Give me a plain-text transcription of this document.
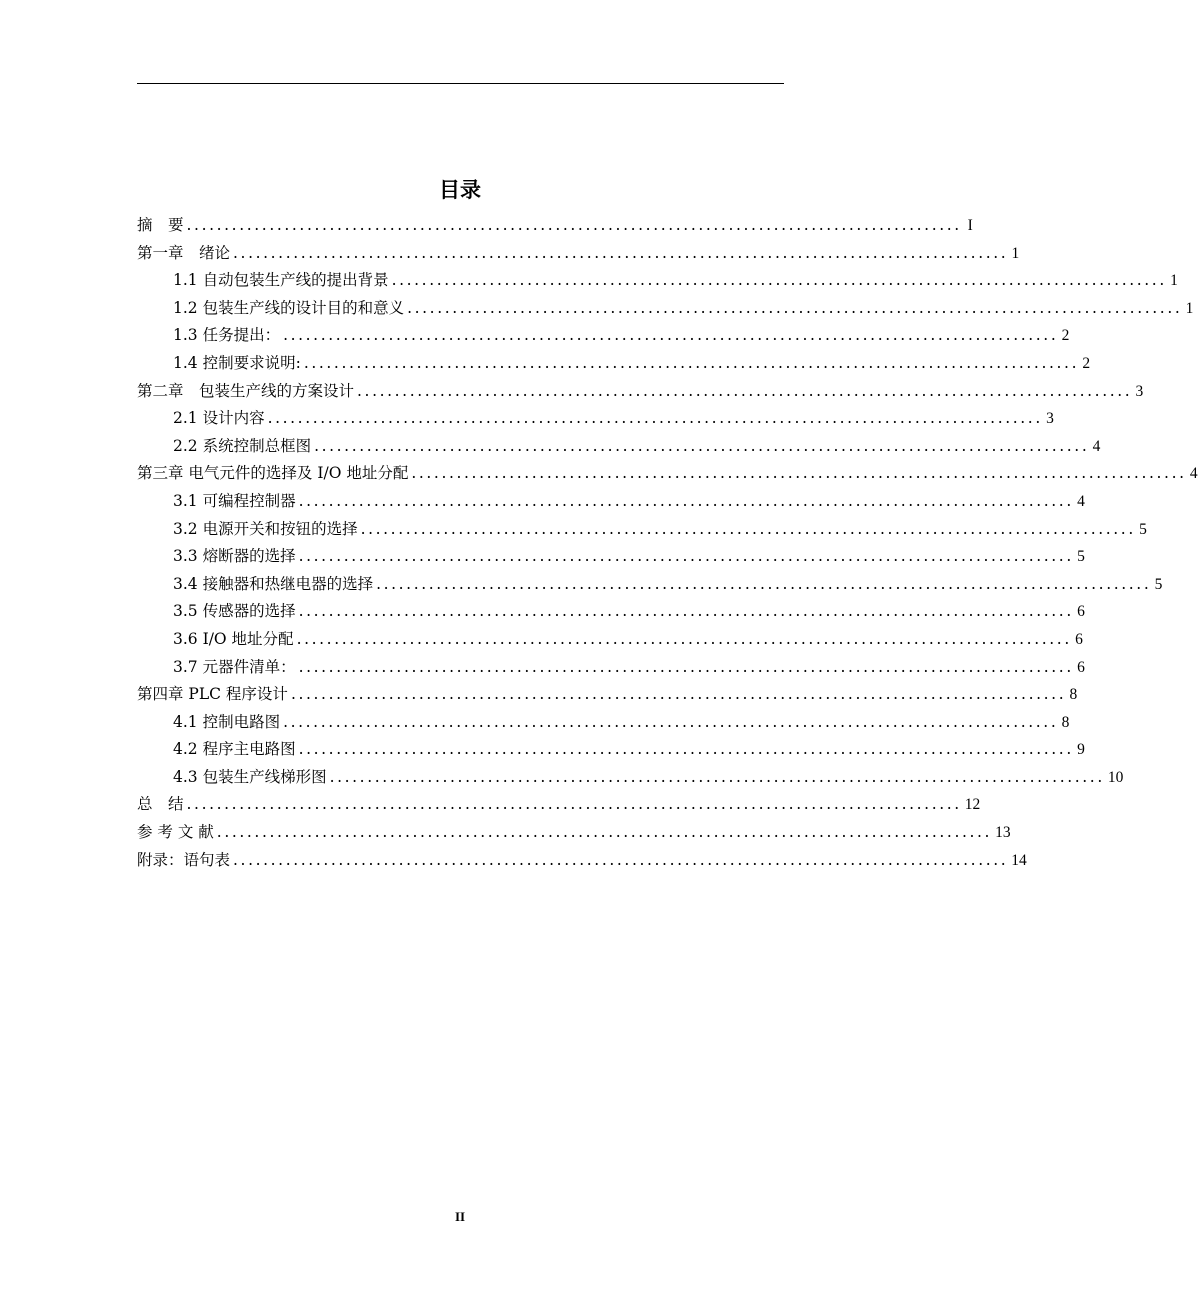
目录
摘　要 ....................................................................................................... I
第一章　绪论 ....................................................................................................... 1
1.1 自动包装生产线的提出背景 ....................................................................................................... 1
1.2 包装生产线的设计目的和意义 ....................................................................................................... 1
1.3 任务提出： ....................................................................................................... 2
1.4 控制要求说明: ....................................................................................................... 2
第二章　包装生产线的方案设计 ....................................................................................................... 3
2.1 设计内容 ....................................................................................................... 3
2.2 系统控制总框图 ....................................................................................................... 4
第三章 电气元件的选择及 I/O 地址分配 ....................................................................................................... 4
3.1 可编程控制器 ....................................................................................................... 4
3.2 电源开关和按钮的选择 ....................................................................................................... 5
3.3 熔断器的选择 ....................................................................................................... 5
3.4 接触器和热继电器的选择 ....................................................................................................... 5
3.5 传感器的选择 ....................................................................................................... 6
3.6 I/O 地址分配 ....................................................................................................... 6
3.7 元器件清单： ....................................................................................................... 6
第四章 PLC 程序设计 ....................................................................................................... 8
4.1 控制电路图 ....................................................................................................... 8
4.2 程序主电路图 ....................................................................................................... 9
4.3 包装生产线梯形图 ....................................................................................................... 10
总　结 ....................................................................................................... 12
参 考 文 献 ....................................................................................................... 13
附录：语句表 ....................................................................................................... 14
II
